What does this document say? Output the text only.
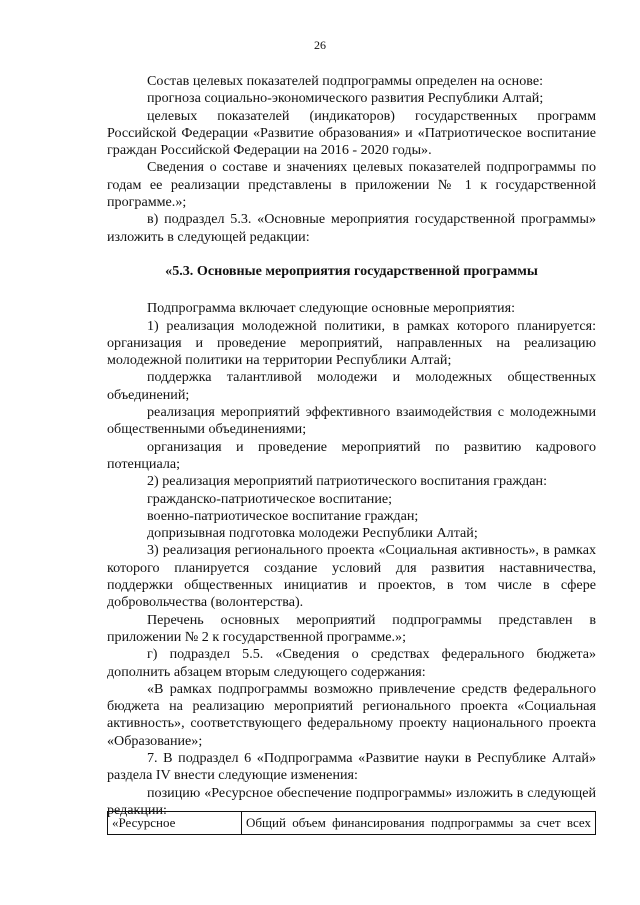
26

Состав целевых показателей подпрограммы определен на основе:

прогноза социально-экономического развития Республики Алтай;

целевых показателей (индикаторов) государственных программ Российской Федерации «Развитие образования» и «Патриотическое воспитание граждан Российской Федерации на 2016 - 2020 годы».

Сведения о составе и значениях целевых показателей подпрограммы по годам ее реализации представлены в приложении № 1 к государственной программе.»;

в) подраздел 5.3. «Основные мероприятия государственной программы» изложить в следующей редакции:

«5.3. Основные мероприятия государственной программы

Подпрограмма включает следующие основные мероприятия:

1) реализация молодежной политики, в рамках которого планируется: организация и проведение мероприятий, направленных на реализацию молодежной политики на территории Республики Алтай;

поддержка талантливой молодежи и молодежных общественных объединений;

реализация мероприятий эффективного взаимодействия с молодежными общественными объединениями;

организация и проведение мероприятий по развитию кадрового потенциала;

2) реализация мероприятий патриотического воспитания граждан:

гражданско-патриотическое воспитание;

военно-патриотическое воспитание граждан;

допризывная подготовка молодежи Республики Алтай;

3) реализация регионального проекта «Социальная активность», в рамках которого планируется создание условий для развития наставничества, поддержки общественных инициатив и проектов, в том числе в сфере добровольчества (волонтерства).

Перечень основных мероприятий подпрограммы представлен в приложении № 2 к государственной программе.»;

г) подраздел 5.5. «Сведения о средствах федерального бюджета» дополнить абзацем вторым следующего содержания:

«В рамках подпрограммы возможно привлечение средств федерального бюджета на реализацию мероприятий регионального проекта «Социальная активность», соответствующего федеральному проекту национального проекта «Образование»;

7. В подраздел 6 «Подпрограмма «Развитие науки в Республике Алтай» раздела IV внести следующие изменения:

позицию «Ресурсное обеспечение подпрограммы» изложить в следующей редакции:

«Ресурсное	Общий объем финансирования подпрограммы за счет всех
